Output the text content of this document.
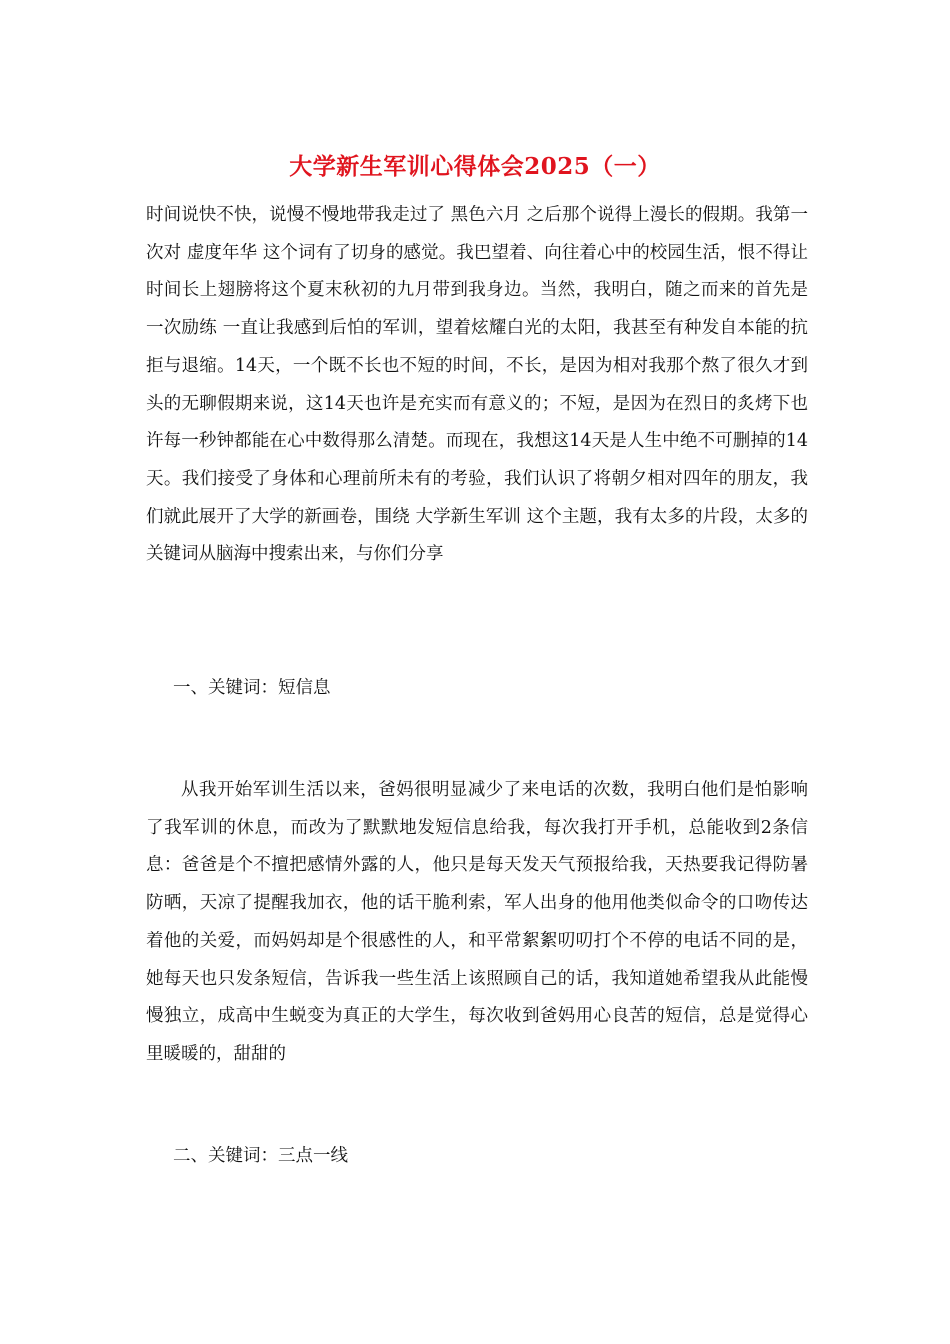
大学新生军训心得体会2025（一）

时间说快不快，说慢不慢地带我走过了 黑色六月 之后那个说得上漫长的假期。我第一次对 虚度年华 这个词有了切身的感觉。我巴望着、向往着心中的校园生活，恨不得让时间长上翅膀将这个夏末秋初的九月带到我身边。当然，我明白，随之而来的首先是一次励练 一直让我感到后怕的军训，望着炫耀白光的太阳，我甚至有种发自本能的抗拒与退缩。14天，一个既不长也不短的时间，不长，是因为相对我那个熬了很久才到头的无聊假期来说，这14天也许是充实而有意义的；不短，是因为在烈日的炙烤下也许每一秒钟都能在心中数得那么清楚。而现在，我想这14天是人生中绝不可删掉的14天。我们接受了身体和心理前所未有的考验，我们认识了将朝夕相对四年的朋友，我们就此展开了大学的新画卷，围绕 大学新生军训 这个主题，我有太多的片段，太多的关键词从脑海中搜索出来，与你们分享

一、关键词：短信息

从我开始军训生活以来，爸妈很明显减少了来电话的次数，我明白他们是怕影响了我军训的休息，而改为了默默地发短信息给我，每次我打开手机，总能收到2条信息：爸爸是个不擅把感情外露的人，他只是每天发天气预报给我，天热要我记得防暑防晒，天凉了提醒我加衣，他的话干脆利索，军人出身的他用他类似命令的口吻传达着他的关爱，而妈妈却是个很感性的人，和平常絮絮叨叨打个不停的电话不同的是，她每天也只发条短信，告诉我一些生活上该照顾自己的话，我知道她希望我从此能慢慢独立，成高中生蜕变为真正的大学生，每次收到爸妈用心良苦的短信，总是觉得心里暖暖的，甜甜的

二、关键词：三点一线
